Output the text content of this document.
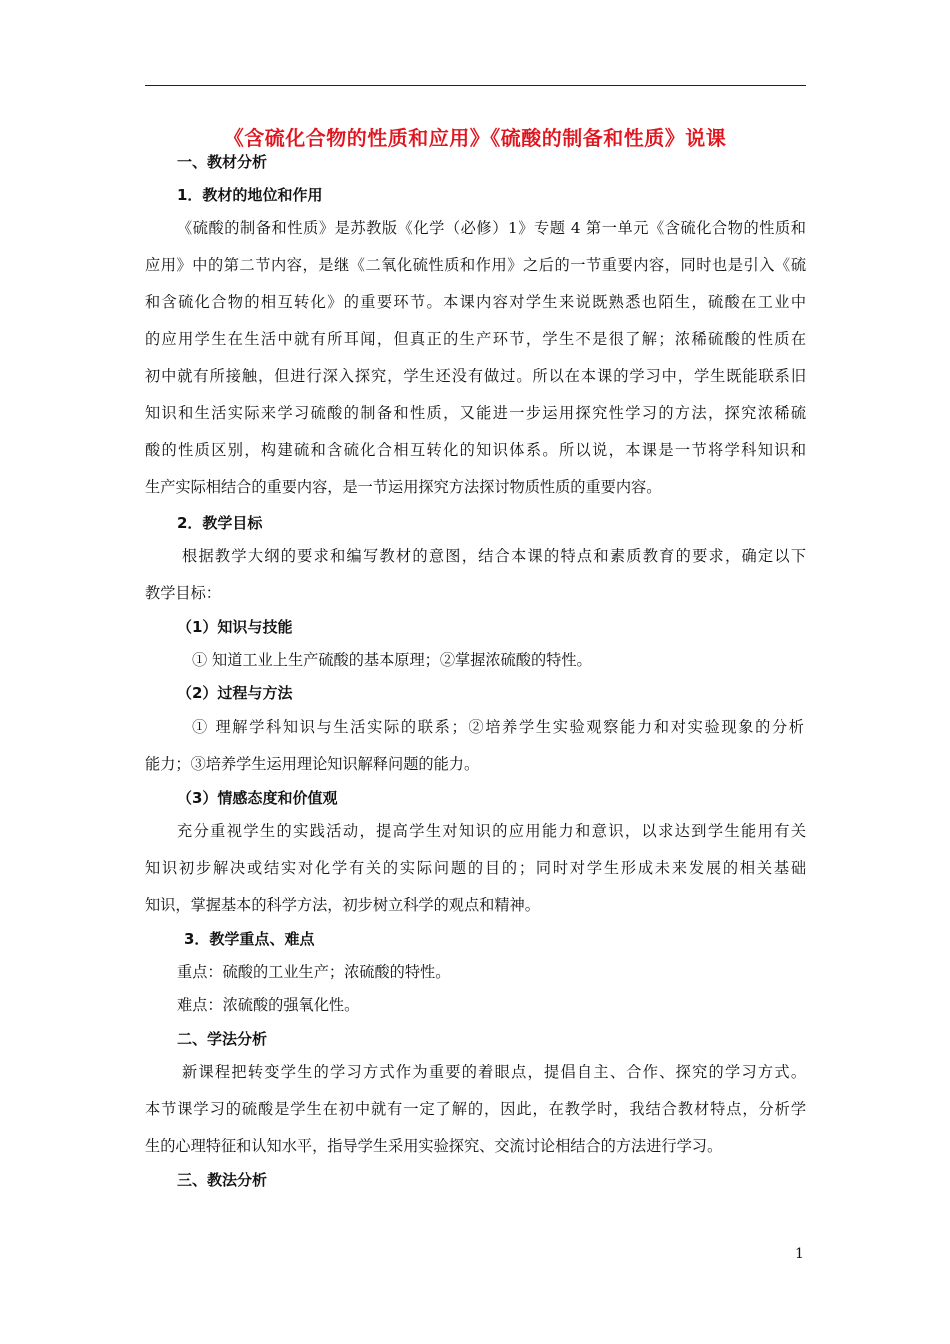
《含硫化合物的性质和应用》《硫酸的制备和性质》说课
一、教材分析
1．教材的地位和作用
《硫酸的制备和性质》是苏教版《化学（必修）1》专题 4 第一单元《含硫化合物的性质和
应用》中的第二节内容，是继《二氧化硫性质和作用》之后的一节重要内容，同时也是引入《硫
和含硫化合物的相互转化》的重要环节。本课内容对学生来说既熟悉也陌生，硫酸在工业中
的应用学生在生活中就有所耳闻，但真正的生产环节，学生不是很了解；浓稀硫酸的性质在
初中就有所接触，但进行深入探究，学生还没有做过。所以在本课的学习中，学生既能联系旧
知识和生活实际来学习硫酸的制备和性质，又能进一步运用探究性学习的方法，探究浓稀硫
酸的性质区别，构建硫和含硫化合相互转化的知识体系。所以说，本课是一节将学科知识和
生产实际相结合的重要内容，是一节运用探究方法探讨物质性质的重要内容。
2．教学目标
根据教学大纲的要求和编写教材的意图，结合本课的特点和素质教育的要求，确定以下
教学目标：
（1）知识与技能
① 知道工业上生产硫酸的基本原理；②掌握浓硫酸的特性。
（2）过程与方法
① 理解学科知识与生活实际的联系；②培养学生实验观察能力和对实验现象的分析
能力；③培养学生运用理论知识解释问题的能力。
（3）情感态度和价值观
充分重视学生的实践活动，提高学生对知识的应用能力和意识，以求达到学生能用有关
知识初步解决或结实对化学有关的实际问题的目的；同时对学生形成未来发展的相关基础
知识，掌握基本的科学方法，初步树立科学的观点和精神。
3．教学重点、难点
重点：硫酸的工业生产；浓硫酸的特性。
难点：浓硫酸的强氧化性。
二、学法分析
新课程把转变学生的学习方式作为重要的着眼点，提倡自主、合作、探究的学习方式。
本节课学习的硫酸是学生在初中就有一定了解的，因此，在教学时，我结合教材特点，分析学
生的心理特征和认知水平，指导学生采用实验探究、交流讨论相结合的方法进行学习。
三、教法分析
1
